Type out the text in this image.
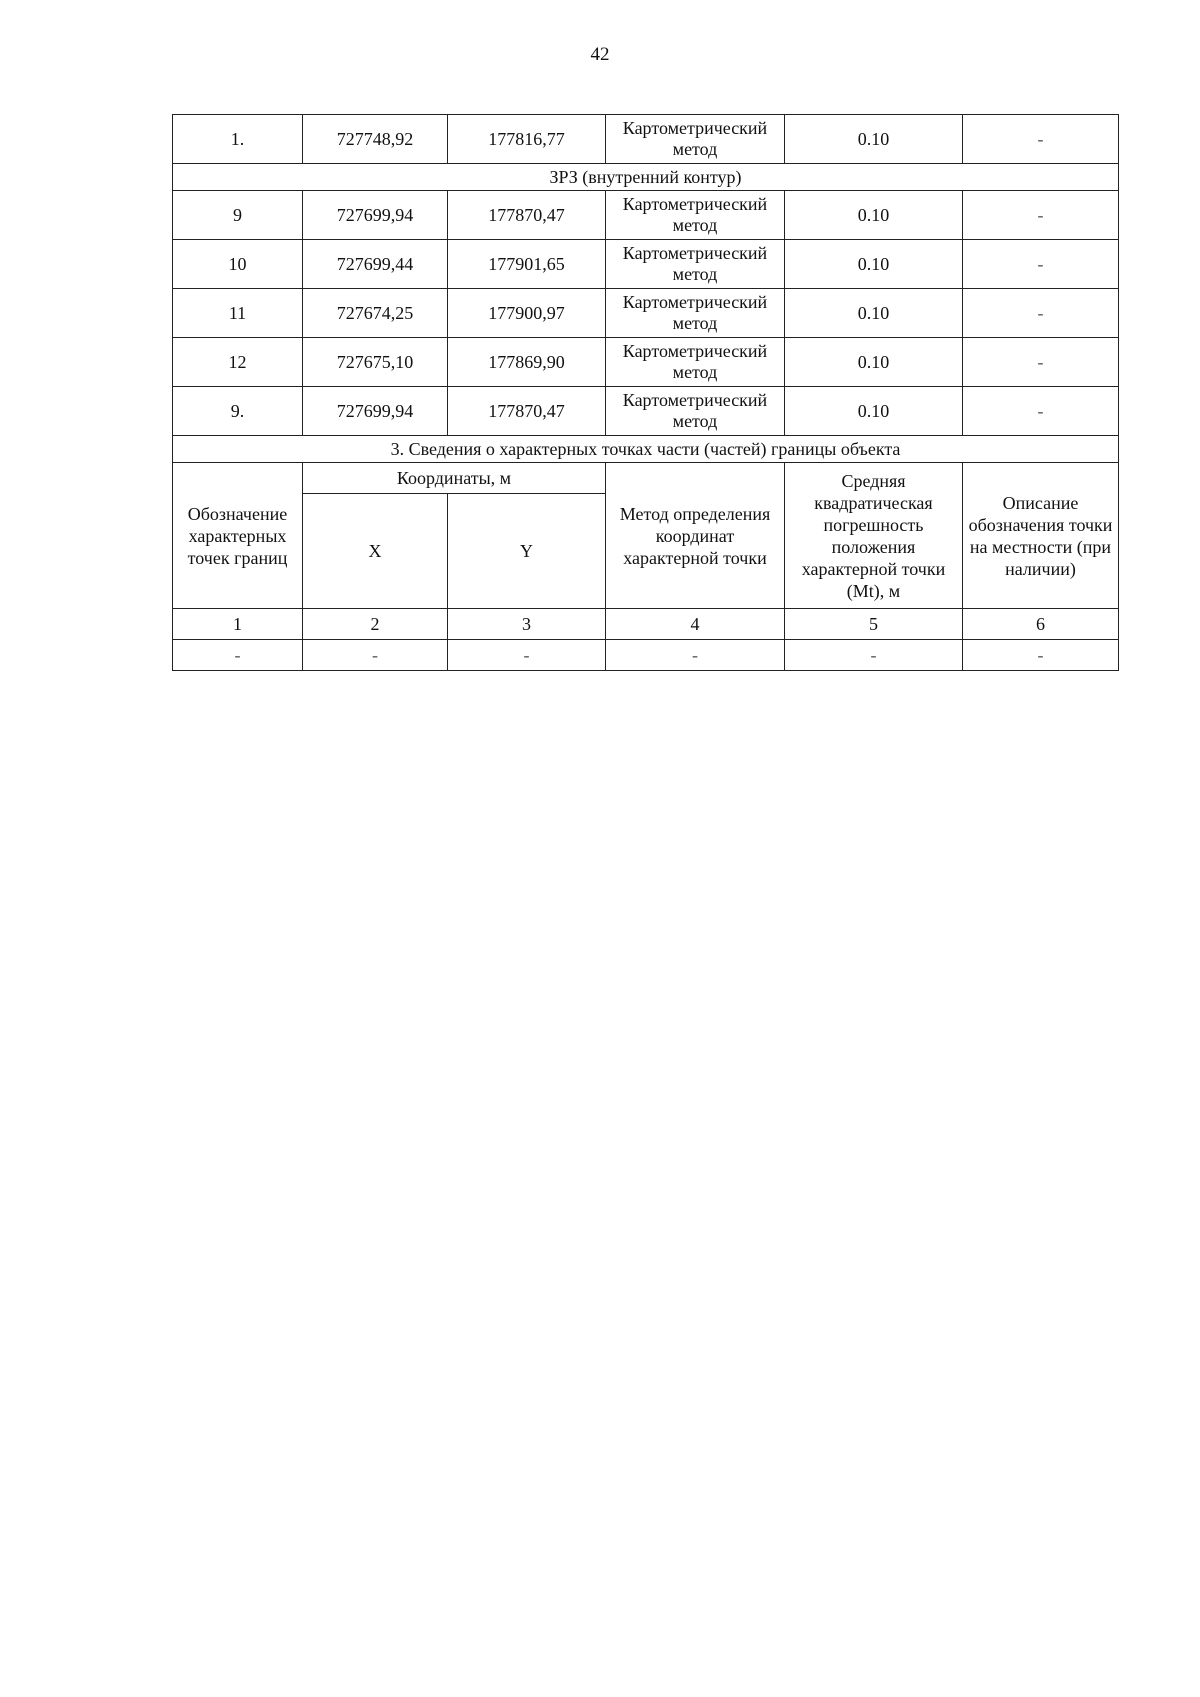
42
1.	727748,92	177816,77	Картометрический метод	0.10	-
ЗРЗ (внутренний контур)					
9	727699,94	177870,47	Картометрический метод	0.10	-
10	727699,44	177901,65	Картометрический метод	0.10	-
11	727674,25	177900,97	Картометрический метод	0.10	-
12	727675,10	177869,90	Картометрический метод	0.10	-
9.	727699,94	177870,47	Картометрический метод	0.10	-
3. Сведения о характерных точках части (частей) границы объекта					
Обозначение характерных точек границ	Координаты, м		Метод определения координат характерной точки	Средняя квадратическая погрешность положения характерной точки (Mt), м	Описание обозначения точки на местности (при наличии)
	X	Y			
1	2	3	4	5	6
-	-	-	-	-	-
